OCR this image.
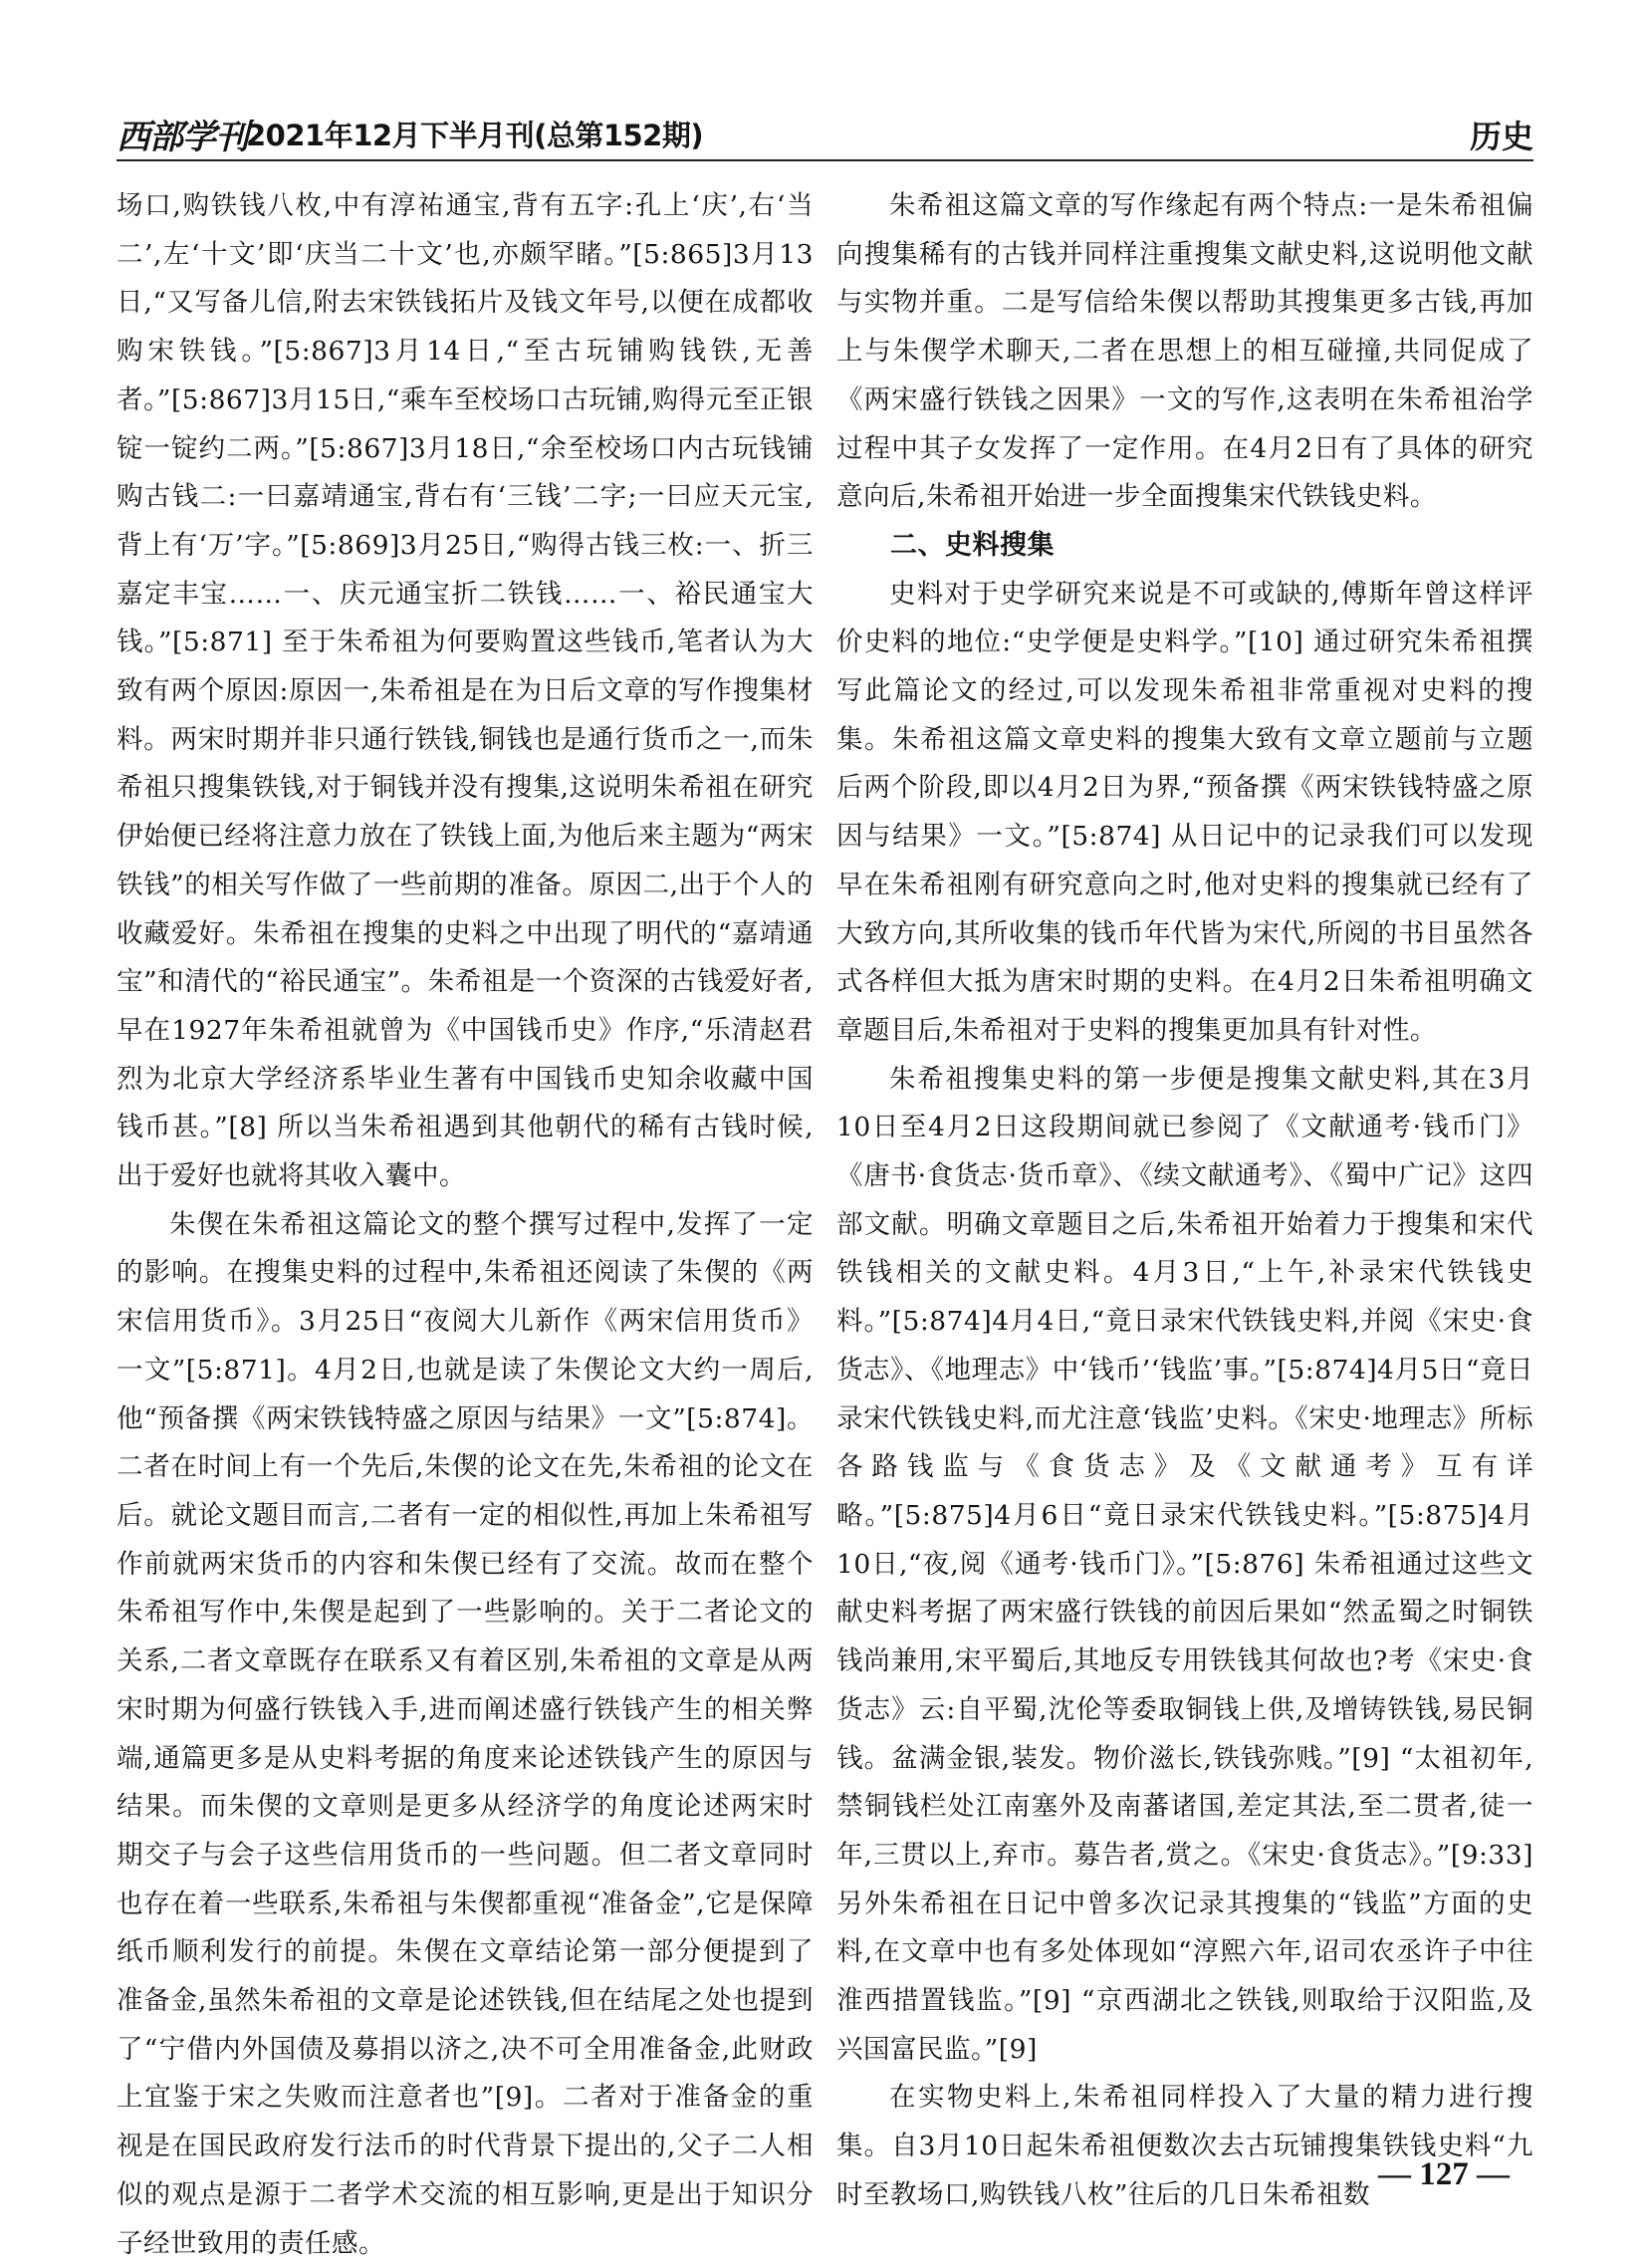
西部学刊
2021年12月下半月刊(总第152期)	历史

场口,购铁钱八枚,中有淳祐通宝,背有五字:孔上‘庆’,右‘当二’,左‘十文’即‘庆当二十文’也,亦颇罕睹。”[5:865]3月13日,“又写备儿信,附去宋铁钱拓片及钱文年号,以便在成都收购宋铁钱。”[5:867]3月14日,“至古玩铺购钱铁,无善者。”[5:867]3月15日,“乘车至校场口古玩铺,购得元至正银锭一锭约二两。”[5:867]3月18日,“余至校场口内古玩钱铺购古钱二:一曰嘉靖通宝,背右有‘三钱’二字;一曰应天元宝,背上有‘万’字。”[5:869]3月25日,“购得古钱三枚:一、折三嘉定丰宝……一、庆元通宝折二铁钱……一、裕民通宝大钱。”[5:871] 至于朱希祖为何要购置这些钱币,笔者认为大致有两个原因:原因一,朱希祖是在为日后文章的写作搜集材料。两宋时期并非只通行铁钱,铜钱也是通行货币之一,而朱希祖只搜集铁钱,对于铜钱并没有搜集,这说明朱希祖在研究伊始便已经将注意力放在了铁钱上面,为他后来主题为“两宋铁钱”的相关写作做了一些前期的准备。原因二,出于个人的收藏爱好。朱希祖在搜集的史料之中出现了明代的“嘉靖通宝”和清代的“裕民通宝”。朱希祖是一个资深的古钱爱好者,早在1927年朱希祖就曾为《中国钱币史》作序,“乐清赵君烈为北京大学经济系毕业生著有中国钱币史知余收藏中国钱币甚。”[8] 所以当朱希祖遇到其他朝代的稀有古钱时候,出于爱好也就将其收入囊中。

朱偰在朱希祖这篇论文的整个撰写过程中,发挥了一定的影响。在搜集史料的过程中,朱希祖还阅读了朱偰的《两宋信用货币》。3月25日“夜阅大儿新作《两宋信用货币》一文”[5:871]。4月2日,也就是读了朱偰论文大约一周后,他“预备撰《两宋铁钱特盛之原因与结果》一文”[5:874]。二者在时间上有一个先后,朱偰的论文在先,朱希祖的论文在后。就论文题目而言,二者有一定的相似性,再加上朱希祖写作前就两宋货币的内容和朱偰已经有了交流。故而在整个朱希祖写作中,朱偰是起到了一些影响的。关于二者论文的关系,二者文章既存在联系又有着区别,朱希祖的文章是从两宋时期为何盛行铁钱入手,进而阐述盛行铁钱产生的相关弊端,通篇更多是从史料考据的角度来论述铁钱产生的原因与结果。而朱偰的文章则是更多从经济学的角度论述两宋时期交子与会子这些信用货币的一些问题。但二者文章同时也存在着一些联系,朱希祖与朱偰都重视“准备金”,它是保障纸币顺利发行的前提。朱偰在文章结论第一部分便提到了准备金,虽然朱希祖的文章是论述铁钱,但在结尾之处也提到了“宁借内外国债及募捐以济之,决不可全用准备金,此财政上宜鉴于宋之失败而注意者也”[9]。二者对于准备金的重视是在国民政府发行法币的时代背景下提出的,父子二人相似的观点是源于二者学术交流的相互影响,更是出于知识分子经世致用的责任感。

朱希祖这篇文章的写作缘起有两个特点:一是朱希祖偏向搜集稀有的古钱并同样注重搜集文献史料,这说明他文献与实物并重。二是写信给朱偰以帮助其搜集更多古钱,再加上与朱偰学术聊天,二者在思想上的相互碰撞,共同促成了《两宋盛行铁钱之因果》一文的写作,这表明在朱希祖治学过程中其子女发挥了一定作用。在4月2日有了具体的研究意向后,朱希祖开始进一步全面搜集宋代铁钱史料。

二、史料搜集

史料对于史学研究来说是不可或缺的,傅斯年曾这样评价史料的地位:“史学便是史料学。”[10] 通过研究朱希祖撰写此篇论文的经过,可以发现朱希祖非常重视对史料的搜集。朱希祖这篇文章史料的搜集大致有文章立题前与立题后两个阶段,即以4月2日为界,“预备撰《两宋铁钱特盛之原因与结果》一文。”[5:874] 从日记中的记录我们可以发现早在朱希祖刚有研究意向之时,他对史料的搜集就已经有了大致方向,其所收集的钱币年代皆为宋代,所阅的书目虽然各式各样但大抵为唐宋时期的史料。在4月2日朱希祖明确文章题目后,朱希祖对于史料的搜集更加具有针对性。

朱希祖搜集史料的第一步便是搜集文献史料,其在3月10日至4月2日这段期间就已参阅了《文献通考·钱币门》《唐书·食货志·货币章》、《续文献通考》、《蜀中广记》这四部文献。明确文章题目之后,朱希祖开始着力于搜集和宋代铁钱相关的文献史料。4月3日,“上午,补录宋代铁钱史料。”[5:874]4月4日,“竟日录宋代铁钱史料,并阅《宋史·食货志》、《地理志》中‘钱币’‘钱监’事。”[5:874]4月5日“竟日录宋代铁钱史料,而尤注意‘钱监’史料。《宋史·地理志》所标各路钱监与《食货志》及《文献通考》互有详略。”[5:875]4月6日“竟日录宋代铁钱史料。”[5:875]4月10日,“夜,阅《通考·钱币门》。”[5:876] 朱希祖通过这些文献史料考据了两宋盛行铁钱的前因后果如“然孟蜀之时铜铁钱尚兼用,宋平蜀后,其地反专用铁钱其何故也?考《宋史·食货志》云:自平蜀,沈伦等委取铜钱上供,及增铸铁钱,易民铜钱。盆满金银,装发。物价滋长,铁钱弥贱。”[9] “太祖初年,禁铜钱栏处江南塞外及南蕃诸国,差定其法,至二贯者,徒一年,三贯以上,弃市。募告者,赏之。《宋史·食货志》。”[9:33] 另外朱希祖在日记中曾多次记录其搜集的“钱监”方面的史料,在文章中也有多处体现如“淳熙六年,诏司农丞许子中往淮西措置钱监。”[9] “京西湖北之铁钱,则取给于汉阳监,及兴国富民监。”[9]

在实物史料上,朱希祖同样投入了大量的精力进行搜集。自3月10日起朱希祖便数次去古玩铺搜集铁钱史料“九时至教场口,购铁钱八枚”往后的几日朱希祖数

— 127 —
